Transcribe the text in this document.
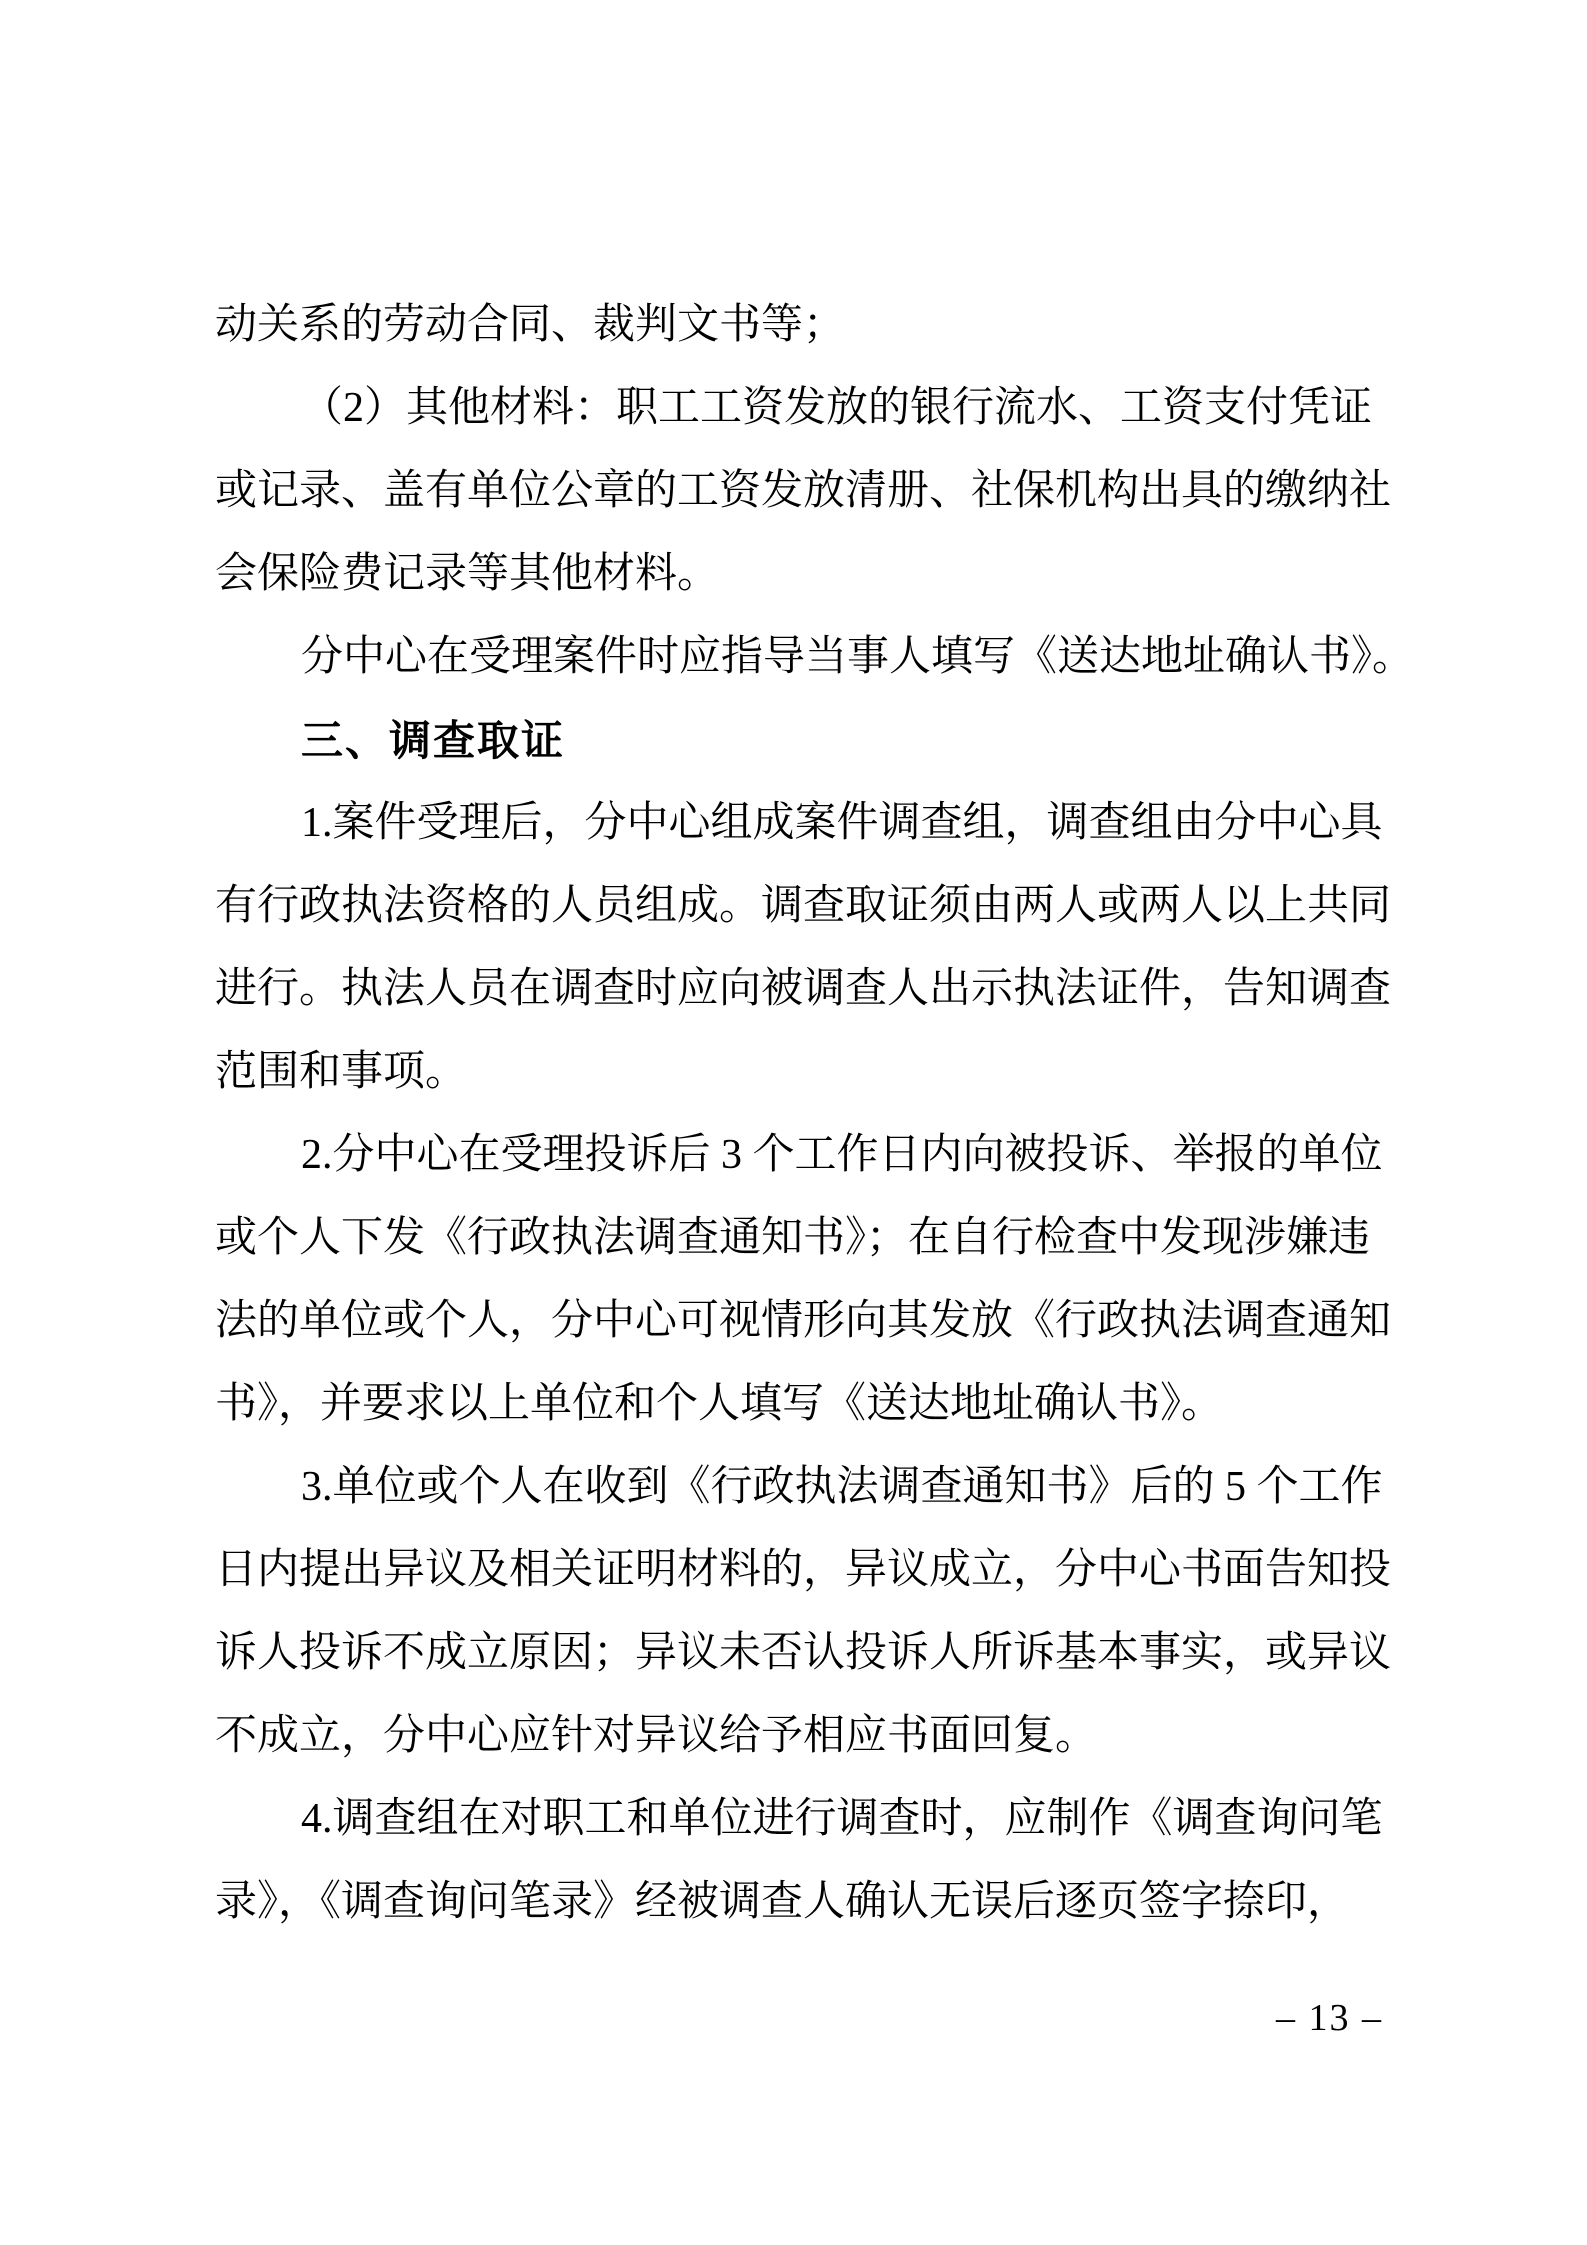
动关系的劳动合同、裁判文书等；
（2）其他材料：职工工资发放的银行流水、工资支付凭证
或记录、盖有单位公章的工资发放清册、社保机构出具的缴纳社
会保险费记录等其他材料。
分中心在受理案件时应指导当事人填写《送达地址确认书》。
三、调查取证
1.案件受理后，分中心组成案件调查组，调查组由分中心具
有行政执法资格的人员组成。调查取证须由两人或两人以上共同
进行。执法人员在调查时应向被调查人出示执法证件，告知调查
范围和事项。
2.分中心在受理投诉后 3 个工作日内向被投诉、举报的单位
或个人下发《行政执法调查通知书》；在自行检查中发现涉嫌违
法的单位或个人，分中心可视情形向其发放《行政执法调查通知
书》，并要求以上单位和个人填写《送达地址确认书》。
3.单位或个人在收到《行政执法调查通知书》后的 5 个工作
日内提出异议及相关证明材料的，异议成立，分中心书面告知投
诉人投诉不成立原因；异议未否认投诉人所诉基本事实，或异议
不成立，分中心应针对异议给予相应书面回复。
4.调查组在对职工和单位进行调查时，应制作《调查询问笔
录》，《调查询问笔录》经被调查人确认无误后逐页签字捺印，
– 13 –
